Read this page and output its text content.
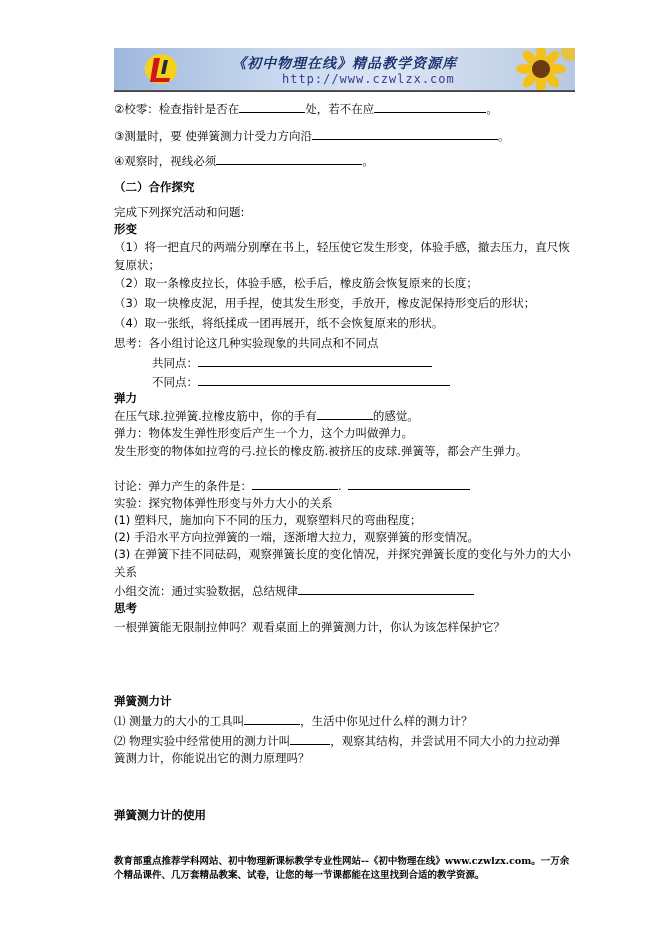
《初中物理在线》精品教学资源库
http://www.czwlzx.com
②校零：检查指针是否在	处，若不在应	。
③测量时，要 使弹簧测力计受力方向沿	。
④观察时，视线必须	。
（二）合作探究
完成下列探究活动和问题:
形变
（1）将一把直尺的两端分别摩在书上，轻压使它发生形变，体验手感，撤去压力，直尺恢
复原状；
（2）取一条橡皮拉长，体验手感，松手后，橡皮筋会恢复原来的长度；
（3）取一块橡皮泥，用手捏，使其发生形变，手放开，橡皮泥保持形变后的形状；
（4）取一张纸，将纸揉成一团再展开，纸不会恢复原来的形状。
思考：各小组讨论这几种实验现象的共同点和不同点
共同点：
不同点：
弹力
在压气球.拉弹簧.拉橡皮筋中，你的手有	的感觉。
弹力：物体发生弹性形变后产生一个力，这个力叫做弹力。
发生形变的物体如拉弯的弓.拉长的橡皮筋.被挤压的皮球.弹簧等，都会产生弹力。
讨论：弹力产生的条件是：	.
实验：探究物体弹性形变与外力大小的关系
(1) 塑料尺，施加向下不同的压力，观察塑料尺的弯曲程度；
(2) 手沿水平方向拉弹簧的一端，逐渐增大拉力，观察弹簧的形变情况。
(3) 在弹簧下挂不同砝码，观察弹簧长度的变化情况，并探究弹簧长度的变化与外力的大小
关系
小组交流：通过实验数据，总结规律
思考
一根弹簧能无限制拉伸吗？观看桌面上的弹簧测力计，你认为该怎样保护它？
弹簧测力计
⑴ 测量力的大小的工具叫	，生活中你见过什么样的测力计？
⑵ 物理实验中经常使用的测力计叫	，观察其结构，并尝试用不同大小的力拉动弹
簧测力计，你能说出它的测力原理吗？
弹簧测力计的使用
教育部重点推荐学科网站、初中物理新课标教学专业性网站--《初中物理在线》www.czwlzx.com。一万余
个精品课件、几万套精品教案、试卷，让您的每一节课都能在这里找到合适的教学资源。
